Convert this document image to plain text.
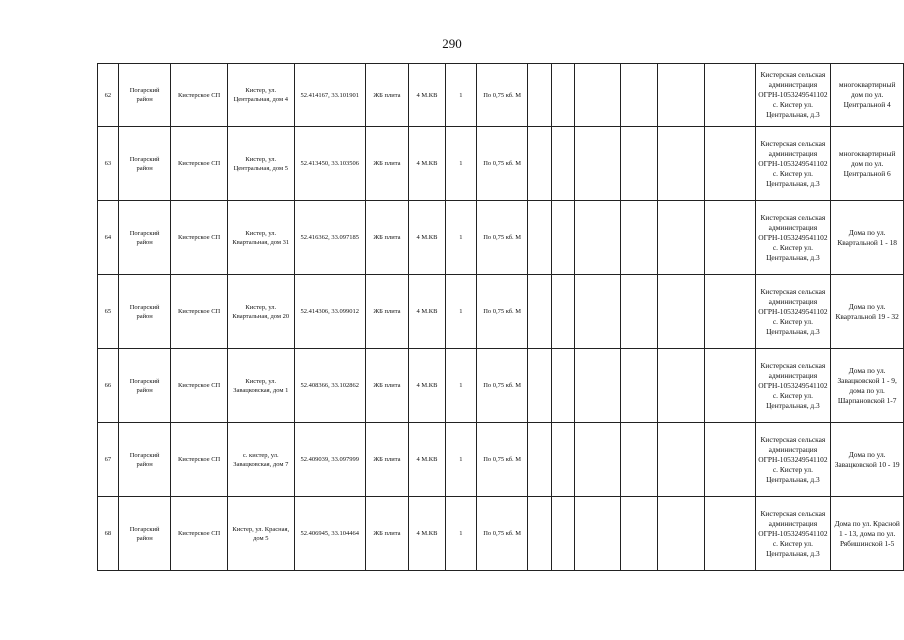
290
62	Погарский район	Кистерское СП	Кистер, ул. Центральная, дом 4	52.414167, 33.101901	ЖБ плита	4 М.КВ	1	По 0,75 кб. М							Кистерская сельская администрация ОГРН-1053249541102 с. Кистер ул. Центральная, д.3	многоквартирный дом по ул. Центральной 4
63	Погарский район	Кистерское СП	Кистер, ул. Центральная, дом 5	52.413450, 33.103506	ЖБ плита	4 М.КВ	1	По 0,75 кб. М							Кистерская сельская администрация ОГРН-1053249541102 с. Кистер ул. Центральная, д.3	многоквартирный дом по ул. Центральной 6
64	Погарский район	Кистерское СП	Кистер, ул. Квартальная, дом 31	52.416362, 33.097185	ЖБ плита	4 М.КВ	1	По 0,75 кб. М							Кистерская сельская администрация ОГРН-1053249541102 с. Кистер ул. Центральная, д.3	Дома по ул. Квартальной 1 - 18
65	Погарский район	Кистерское СП	Кистер, ул. Квартальная, дом 20	52.414306, 33.099012	ЖБ плита	4 М.КВ	1	По 0,75 кб. М							Кистерская сельская администрация ОГРН-1053249541102 с. Кистер ул. Центральная, д.3	Дома по ул. Квартальной 19 - 32
66	Погарский район	Кистерское СП	Кистер, ул. Завацковская, дом 1	52.408366, 33.102862	ЖБ плита	4 М.КВ	1	По 0,75 кб. М							Кистерская сельская администрация ОГРН-1053249541102 с. Кистер ул. Центральная, д.3	Дома по ул. Завацковской 1 - 9, дома по ул. Шарпановской 1-7
67	Погарский район	Кистерское СП	с. кистер, ул. Завацковская, дом 7	52.409039, 33.097999	ЖБ плита	4 М.КВ	1	По 0,75 кб. М							Кистерская сельская администрация ОГРН-1053249541102 с. Кистер ул. Центральная, д.3	Дома по ул. Завацковской 10 - 19
68	Погарский район	Кистерское СП	Кистер, ул. Красная, дом 5	52.406945, 33.104464	ЖБ плита	4 М.КВ	1	По 0,75 кб. М							Кистерская сельская администрация ОГРН-1053249541102 с. Кистер ул. Центральная, д.3	Дома по ул. Красной 1 - 13, дома по ул. Рябишинской 1-5
